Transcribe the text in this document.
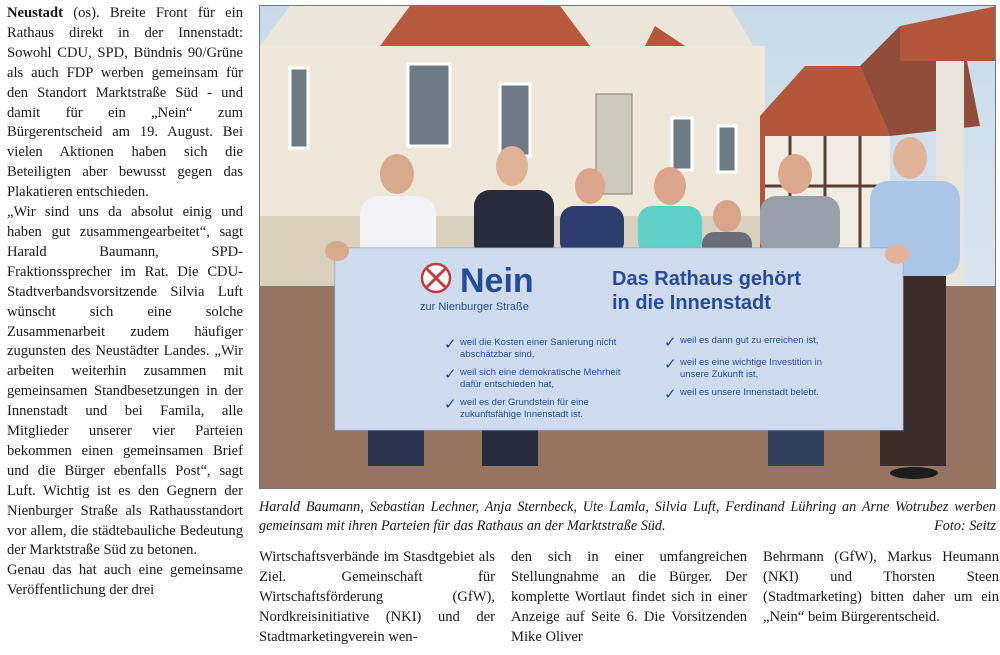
Neustadt (os). Breite Front für ein Rathaus direkt in der Innenstadt: Sowohl CDU, SPD, Bündnis 90/Grüne als auch FDP werben gemeinsam für den Standort Marktstraße Süd - und damit für ein „Nein“ zum Bürgerentscheid am 19. August. Bei vielen Aktionen haben sich die Beteiligten aber bewusst gegen das Plakatieren entschieden.

„Wir sind uns da absolut einig und haben gut zusammengearbeitet“, sagt Harald Baumann, SPD-Fraktionssprecher im Rat. Die CDU-Stadtverbandsvorsitzende Silvia Luft wünscht sich eine solche Zusammenarbeit zudem häufiger zugunsten des Neustädter Landes. „Wir arbeiten weiterhin zusammen mit gemeinsamen Standbesetzungen in der Innenstadt und bei Famila, alle Mitglieder unserer vier Parteien bekommen einen gemeinsamen Brief und die Bürger ebenfalls Post“, sagt Luft. Wichtig ist es den Gegnern der Nienburger Straße als Rathausstandort vor allem, die städtebauliche Bedeutung der Marktstraße Süd zu betonen.

Genau das hat auch eine gemeinsame Veröffentlichung der drei

Nein
zur Nienburger Straße
Das Rathaus gehört
in die Innenstadt
✓ weil die Kosten einer Sanierung nicht
abschätzbar sind,
✓ weil sich eine demokratische Mehrheit
dafür entschieden hat,
✓ weil es der Grundstein für eine
zukunftsfähige Innenstadt ist.
✓ weil es dann gut zu erreichen ist,
✓ weil es eine wichtige Investition in
unsere Zukunft ist,
✓ weil es unsere Innenstadt belebt.
Harald Baumann, Sebastian Lechner, Anja Sternbeck, Ute Lamla, Silvia Luft, Ferdinand Lühring an Arne Wotrubez werben gemeinsam mit ihren Parteien für das Rathaus an der Marktstraße Süd.	Foto: Seitz
Wirtschaftsverbände im Stasdtgebiet als Ziel. Gemeinschaft für Wirtschaftsförderung (GfW), Nordkreisinitiative (NKI) und der Stadtmarketingverein wen-
den sich in einer umfangreichen Stellungnahme an die Bürger. Der komplette Wortlaut findet sich in einer Anzeige auf Seite 6. Die Vorsitzenden Mike Oliver
Behrmann (GfW), Markus Heumann (NKI) und Thorsten Steen (Stadtmarketing) bitten daher um ein „Nein“ beim Bürgerentscheid.
